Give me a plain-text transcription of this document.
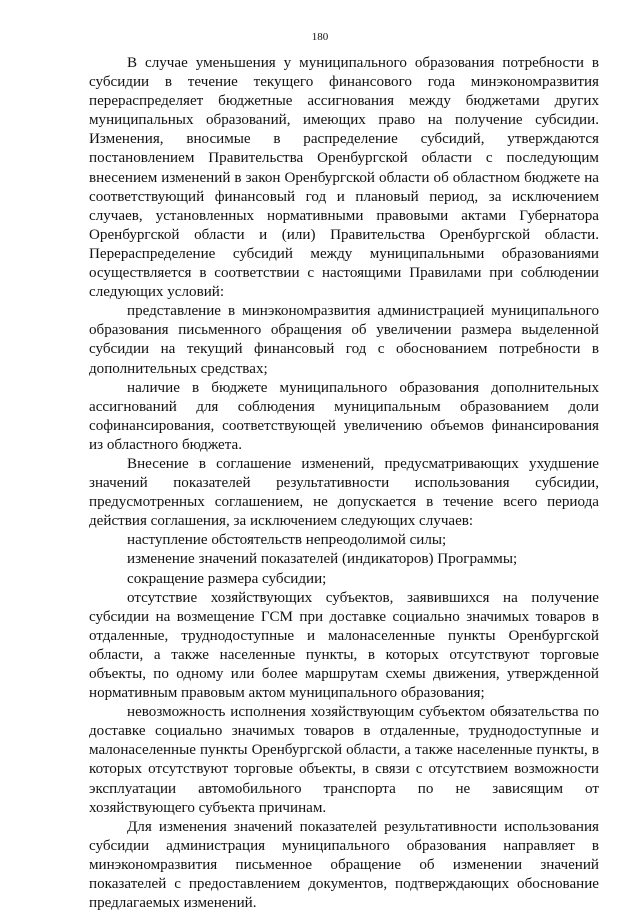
180

В случае уменьшения у муниципального образования потребности в субсидии в течение текущего финансового года минэкономразвития перераспределяет бюджетные ассигнования между бюджетами других муниципальных образований, имеющих право на получение субсидии. Изменения, вносимые в распределение субсидий, утверждаются постановлением Правительства Оренбургской области с последующим внесением изменений в закон Оренбургской области об областном бюджете на соответствующий финансовый год и плановый период, за исключением случаев, установленных нормативными правовыми актами Губернатора Оренбургской области и (или) Правительства Оренбургской области. Перераспределение субсидий между муниципальными образованиями осуществляется в соответствии с настоящими Правилами при соблюдении следующих условий:

представление в минэкономразвития администрацией муниципального образования письменного обращения об увеличении размера выделенной субсидии на текущий финансовый год с обоснованием потребности в дополнительных средствах;

наличие в бюджете муниципального образования дополнительных ассигнований для соблюдения муниципальным образованием доли софинансирования, соответствующей увеличению объемов финансирования из областного бюджета.

Внесение в соглашение изменений, предусматривающих ухудшение значений показателей результативности использования субсидии, предусмотренных соглашением, не допускается в течение всего периода действия соглашения, за исключением следующих случаев:

наступление обстоятельств непреодолимой силы;

изменение значений показателей (индикаторов) Программы;

сокращение размера субсидии;

отсутствие хозяйствующих субъектов, заявившихся на получение субсидии на возмещение ГСМ при доставке социально значимых товаров в отдаленные, труднодоступные и малонаселенные пункты Оренбургской области, а также населенные пункты, в которых отсутствуют торговые объекты, по одному или более маршрутам схемы движения, утвержденной нормативным правовым актом муниципального образования;

невозможность исполнения хозяйствующим субъектом обязательства по доставке социально значимых товаров в отдаленные, труднодоступные и малонаселенные пункты Оренбургской области, а также населенные пункты, в которых отсутствуют торговые объекты, в связи с отсутствием возможности эксплуатации автомобильного транспорта по не зависящим от хозяйствующего субъекта причинам.

Для изменения значений показателей результативности использования субсидии администрация муниципального образования направляет в минэкономразвития письменное обращение об изменении значений показателей с предоставлением документов, подтверждающих обоснование предлагаемых изменений.
